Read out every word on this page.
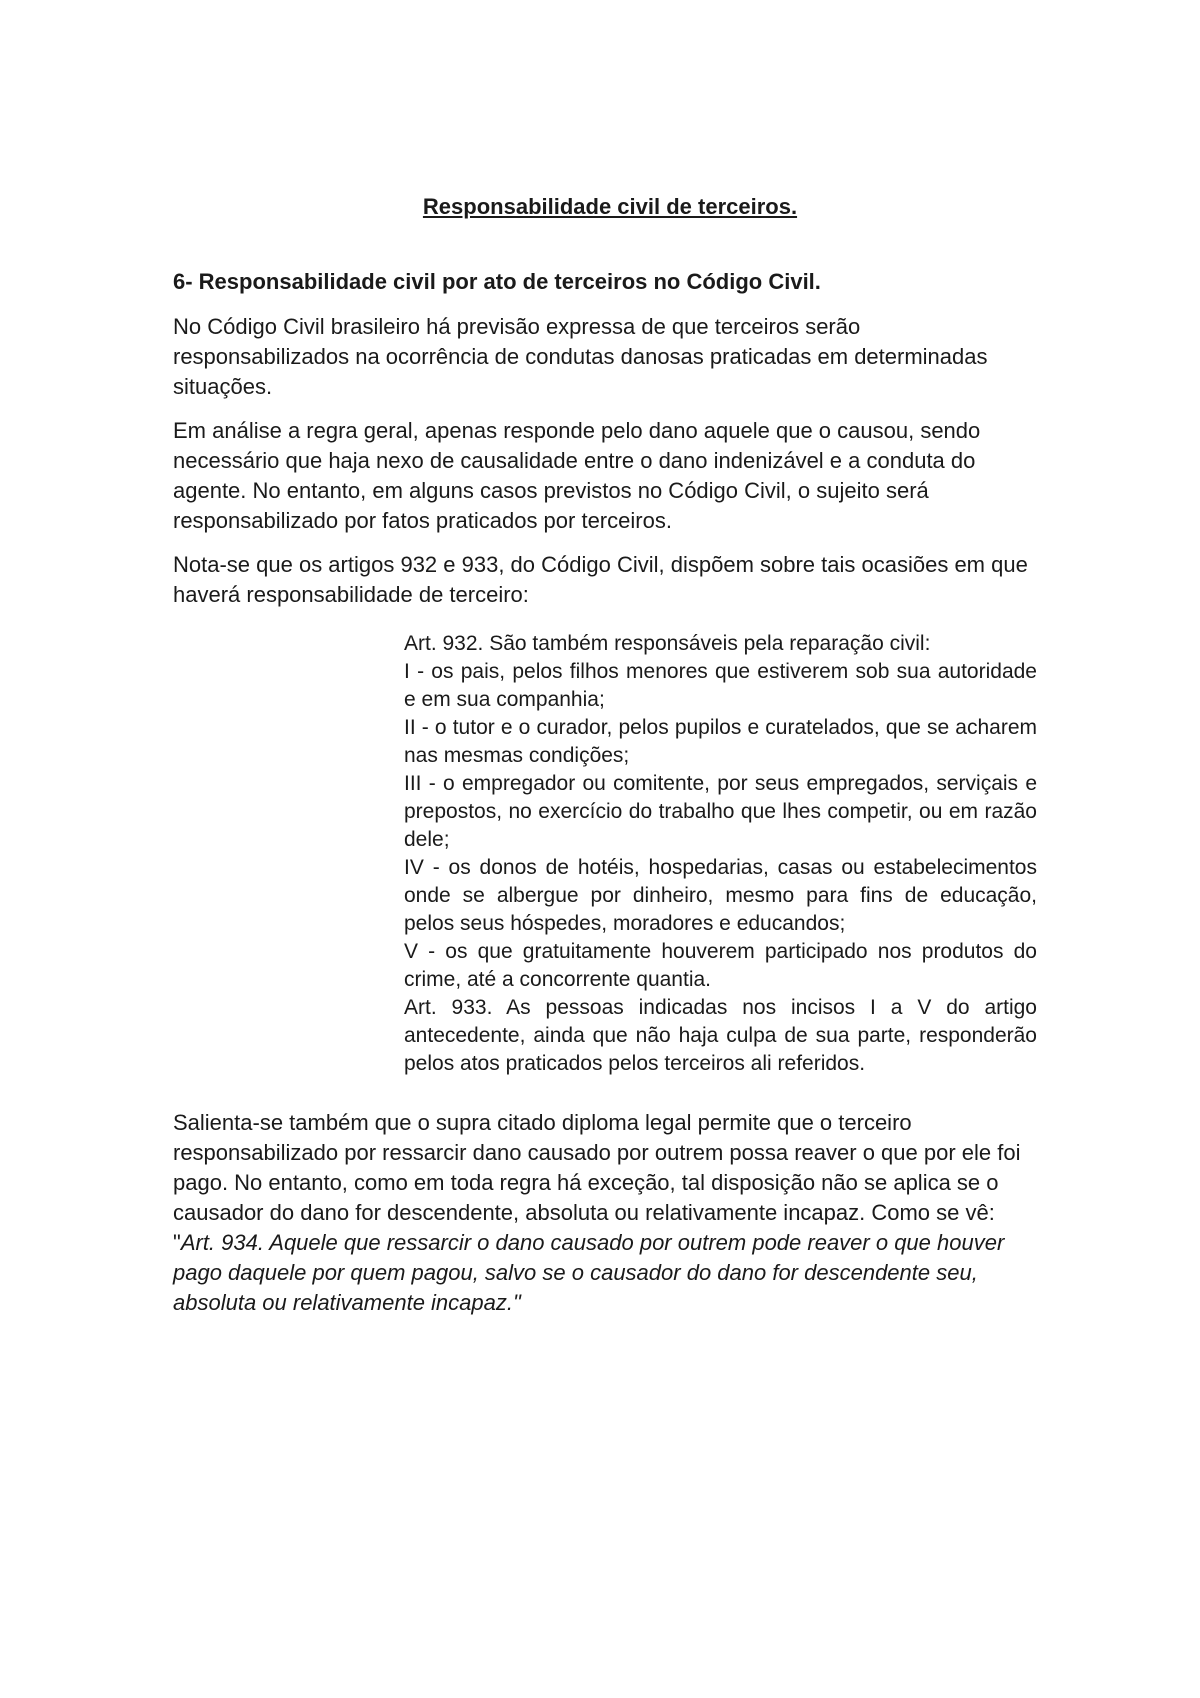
Responsabilidade civil de terceiros.
6- Responsabilidade civil por ato de terceiros no Código Civil.

No Código Civil brasileiro há previsão expressa de que terceiros serão responsabilizados na ocorrência de condutas danosas praticadas em determinadas situações.

Em análise a regra geral, apenas responde pelo dano aquele que o causou, sendo necessário que haja nexo de causalidade entre o dano indenizável e a conduta do agente. No entanto, em alguns casos previstos no Código Civil, o sujeito será responsabilizado por fatos praticados por terceiros.

Nota-se que os artigos 932 e 933, do Código Civil, dispõem sobre tais ocasiões em que haverá responsabilidade de terceiro:

Art. 932. São também responsáveis pela reparação civil:

I - os pais, pelos filhos menores que estiverem sob sua autoridade e em sua companhia;

II - o tutor e o curador, pelos pupilos e curatelados, que se acharem nas mesmas condições;

III - o empregador ou comitente, por seus empregados, serviçais e prepostos, no exercício do trabalho que lhes competir, ou em razão dele;

IV - os donos de hotéis, hospedarias, casas ou estabelecimentos onde se albergue por dinheiro, mesmo para fins de educação, pelos seus hóspedes, moradores e educandos;

V - os que gratuitamente houverem participado nos produtos do crime, até a concorrente quantia.

Art. 933. As pessoas indicadas nos incisos I a V do artigo antecedente, ainda que não haja culpa de sua parte, responderão pelos atos praticados pelos terceiros ali referidos.

Salienta-se também que o supra citado diploma legal permite que o terceiro responsabilizado por ressarcir dano causado por outrem possa reaver o que por ele foi pago. No entanto, como em toda regra há exceção, tal disposição não se aplica se o causador do dano for descendente, absoluta ou relativamente incapaz. Como se vê: "Art. 934. Aquele que ressarcir o dano causado por outrem pode reaver o que houver pago daquele por quem pagou, salvo se o causador do dano for descendente seu, absoluta ou relativamente incapaz."
